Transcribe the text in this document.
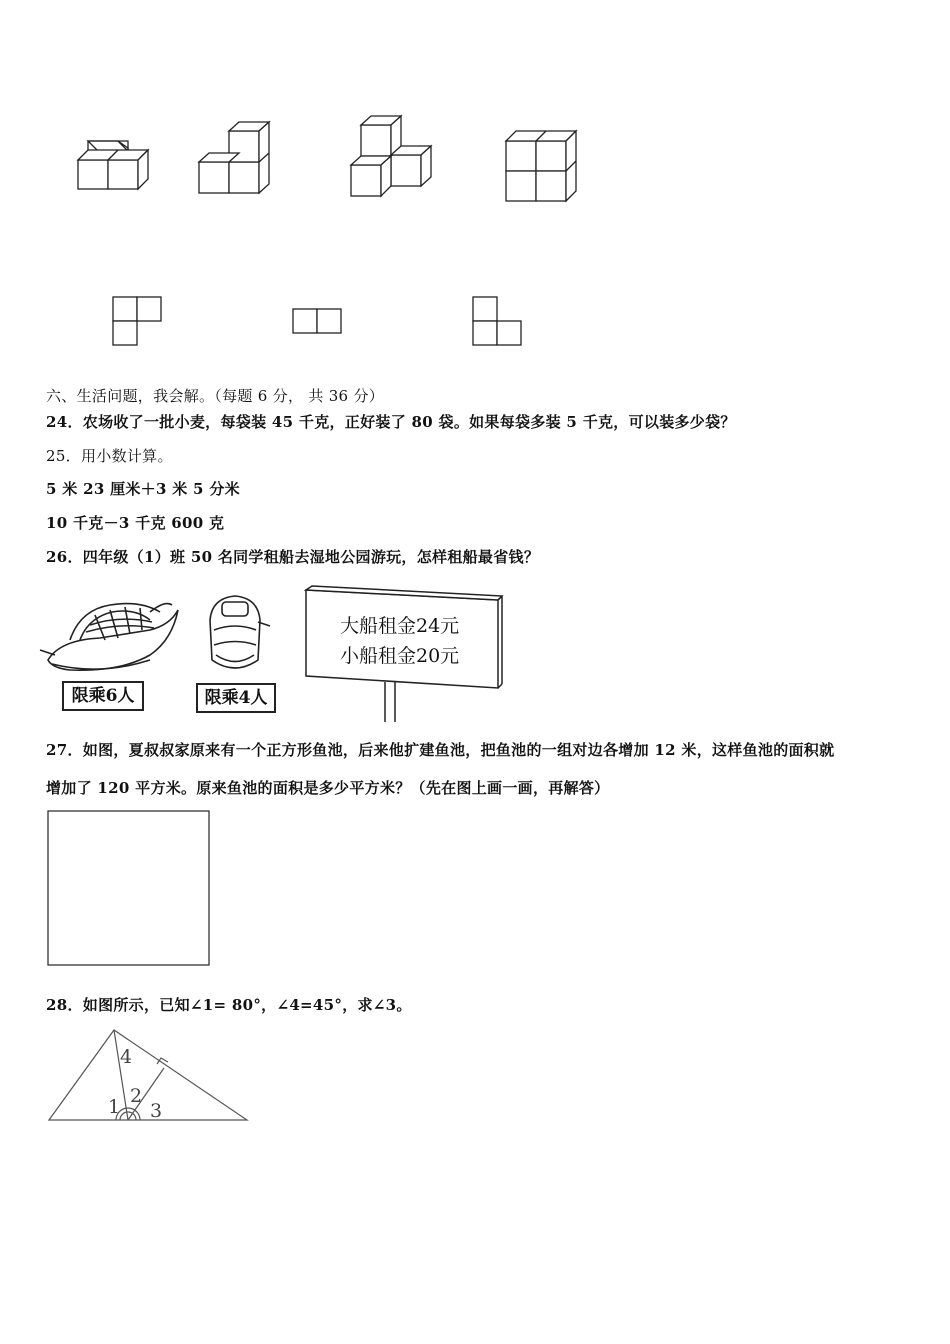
六、生活问题，我会解。（每题 6 分， 共 36 分）
24．农场收了一批小麦，每袋装 45 千克，正好装了 80 袋。如果每袋多装 5 千克，可以装多少袋？
25．用小数计算。
5 米 23 厘米＋3 米 5 分米
10 千克－3 千克 600 克
26．四年级（1）班 50 名同学租船去湿地公园游玩，怎样租船最省钱？
限乘6人	限乘4人
大船租金24元
小船租金20元
27．如图，夏叔叔家原来有一个正方形鱼池，后来他扩建鱼池，把鱼池的一组对边各增加 12 米，这样鱼池的面积就
增加了 120 平方米。原来鱼池的面积是多少平方米？（先在图上画一画，再解答）
28．如图所示，已知∠1= 80°，∠4=45°，求∠3。
4
2
1 3
